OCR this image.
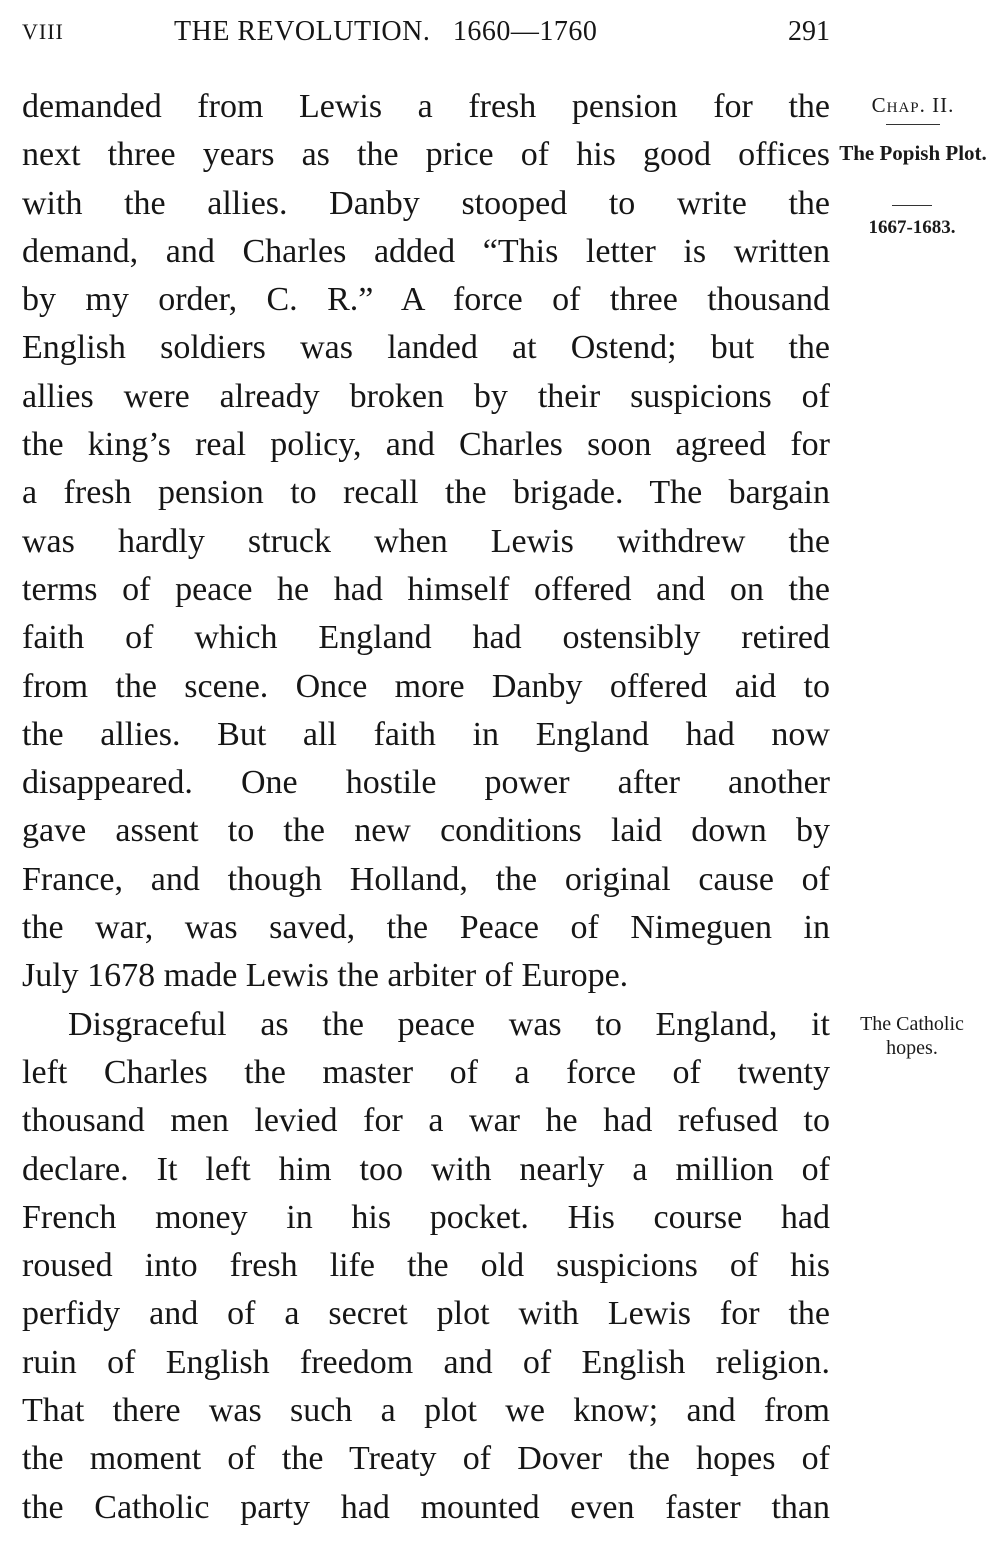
VIII	THE REVOLUTION.   1660—1760	291

demanded from Lewis a fresh pension for the
next three years as the price of his good offices
with the allies. Danby stooped to write the
demand, and Charles added “This letter is written
by my order, C. R.” A force of three thousand
English soldiers was landed at Ostend; but the
allies were already broken by their suspicions of
the king’s real policy, and Charles soon agreed for
a fresh pension to recall the brigade. The bargain
was hardly struck when Lewis withdrew the
terms of peace he had himself offered and on the
faith of which England had ostensibly retired
from the scene. Once more Danby offered aid to
the allies. But all faith in England had now
disappeared. One hostile power after another
gave assent to the new conditions laid down by
France, and though Holland, the original cause of
the war, was saved, the Peace of Nimeguen in
July 1678 made Lewis the arbiter of Europe.

Disgraceful as the peace was to England, it
left Charles the master of a force of twenty
thousand men levied for a war he had refused to
declare. It left him too with nearly a million of
French money in his pocket. His course had
roused into fresh life the old suspicions of his
perfidy and of a secret plot with Lewis for the
ruin of English freedom and of English religion.
That there was such a plot we know; and from
the moment of the Treaty of Dover the hopes of
the Catholic party had mounted even faster than

Chap. II.
The Popish Plot.
1667-1683.
The Catholic hopes.
